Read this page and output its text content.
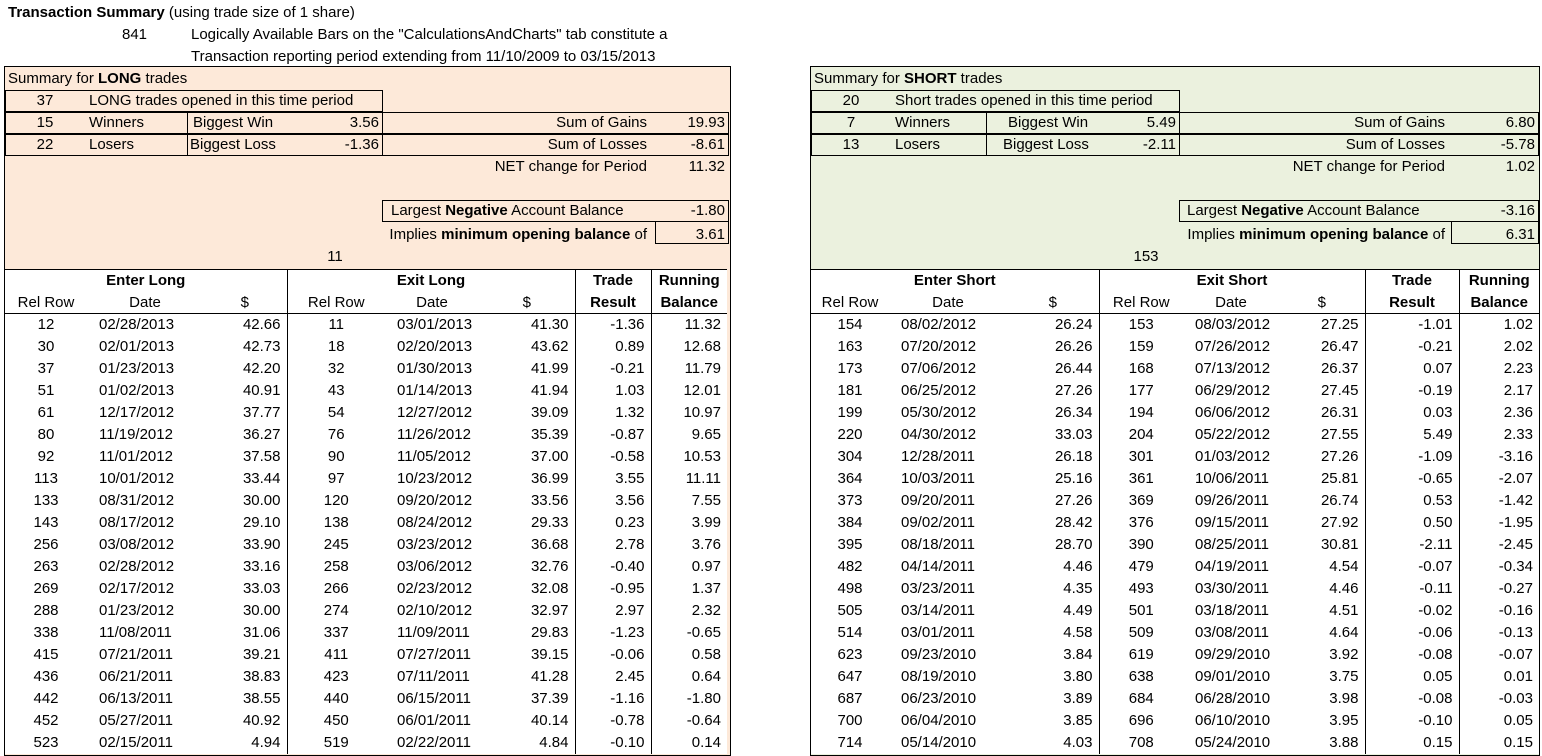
Transaction Summary (using trade size of 1 share)
841	Logically Available Bars on the "CalculationsAndCharts" tab constitute a
Transaction reporting period extending from 11/10/2009 to 03/15/2013
Summary for LONG trades
37	LONG trades opened in this time period
15	Winners	Biggest Win	3.56	Sum of Gains	19.93
22	Losers	Biggest Loss	-1.36	Sum of Losses	-8.61
NET change for Period	11.32
Largest Negative Account Balance	-1.80
Implies minimum opening balance of	3.61
11
Enter Long			Exit Long			Trade	Running
Rel Row	Date	$	Rel Row	Date	$	Result	Balance
12	02/28/2013	42.66	11	03/01/2013	41.30	-1.36	11.32
30	02/01/2013	42.73	18	02/20/2013	43.62	0.89	12.68
37	01/23/2013	42.20	32	01/30/2013	41.99	-0.21	11.79
51	01/02/2013	40.91	43	01/14/2013	41.94	1.03	12.01
61	12/17/2012	37.77	54	12/27/2012	39.09	1.32	10.97
80	11/19/2012	36.27	76	11/26/2012	35.39	-0.87	9.65
92	11/01/2012	37.58	90	11/05/2012	37.00	-0.58	10.53
113	10/01/2012	33.44	97	10/23/2012	36.99	3.55	11.11
133	08/31/2012	30.00	120	09/20/2012	33.56	3.56	7.55
143	08/17/2012	29.10	138	08/24/2012	29.33	0.23	3.99
256	03/08/2012	33.90	245	03/23/2012	36.68	2.78	3.76
263	02/28/2012	33.16	258	03/06/2012	32.76	-0.40	0.97
269	02/17/2012	33.03	266	02/23/2012	32.08	-0.95	1.37
288	01/23/2012	30.00	274	02/10/2012	32.97	2.97	2.32
338	11/08/2011	31.06	337	11/09/2011	29.83	-1.23	-0.65
415	07/21/2011	39.21	411	07/27/2011	39.15	-0.06	0.58
436	06/21/2011	38.83	423	07/11/2011	41.28	2.45	0.64
442	06/13/2011	38.55	440	06/15/2011	37.39	-1.16	-1.80
452	05/27/2011	40.92	450	06/01/2011	40.14	-0.78	-0.64
523	02/15/2011	4.94	519	02/22/2011	4.84	-0.10	0.14
Summary for SHORT trades
20	Short trades opened in this time period
7	Winners	Biggest Win	5.49	Sum of Gains	6.80
13	Losers	Biggest Loss	-2.11	Sum of Losses	-5.78
NET change for Period	1.02
Largest Negative Account Balance	-3.16
Implies minimum opening balance of	6.31
153
Enter Short			Exit Short			Trade	Running
Rel Row	Date	$	Rel Row	Date	$	Result	Balance
154	08/02/2012	26.24	153	08/03/2012	27.25	-1.01	1.02
163	07/20/2012	26.26	159	07/26/2012	26.47	-0.21	2.02
173	07/06/2012	26.44	168	07/13/2012	26.37	0.07	2.23
181	06/25/2012	27.26	177	06/29/2012	27.45	-0.19	2.17
199	05/30/2012	26.34	194	06/06/2012	26.31	0.03	2.36
220	04/30/2012	33.03	204	05/22/2012	27.55	5.49	2.33
304	12/28/2011	26.18	301	01/03/2012	27.26	-1.09	-3.16
364	10/03/2011	25.16	361	10/06/2011	25.81	-0.65	-2.07
373	09/20/2011	27.26	369	09/26/2011	26.74	0.53	-1.42
384	09/02/2011	28.42	376	09/15/2011	27.92	0.50	-1.95
395	08/18/2011	28.70	390	08/25/2011	30.81	-2.11	-2.45
482	04/14/2011	4.46	479	04/19/2011	4.54	-0.07	-0.34
498	03/23/2011	4.35	493	03/30/2011	4.46	-0.11	-0.27
505	03/14/2011	4.49	501	03/18/2011	4.51	-0.02	-0.16
514	03/01/2011	4.58	509	03/08/2011	4.64	-0.06	-0.13
623	09/23/2010	3.84	619	09/29/2010	3.92	-0.08	-0.07
647	08/19/2010	3.80	638	09/01/2010	3.75	0.05	0.01
687	06/23/2010	3.89	684	06/28/2010	3.98	-0.08	-0.03
700	06/04/2010	3.85	696	06/10/2010	3.95	-0.10	0.05
714	05/14/2010	4.03	708	05/24/2010	3.88	0.15	0.15
